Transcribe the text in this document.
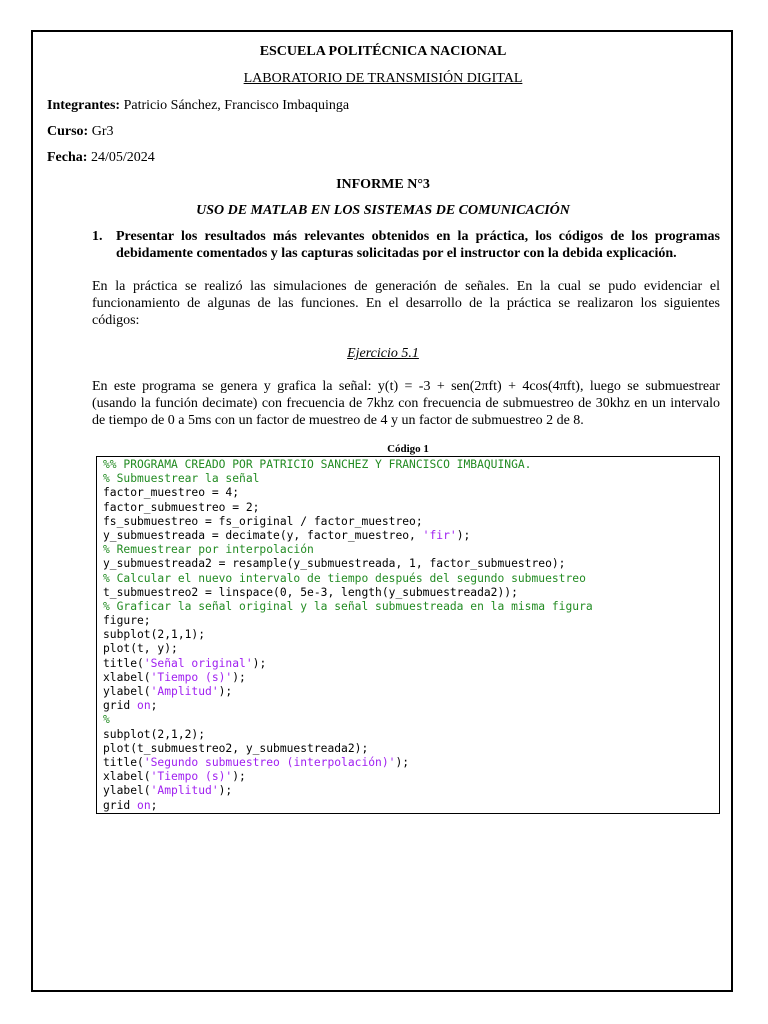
ESCUELA POLITÉCNICA NACIONAL
LABORATORIO DE TRANSMISIÓN DIGITAL
Integrantes: Patricio Sánchez, Francisco Imbaquinga
Curso: Gr3
Fecha: 24/05/2024
INFORME N°3
USO DE MATLAB EN LOS SISTEMAS DE COMUNICACIÓN
1. Presentar los resultados más relevantes obtenidos en la práctica, los códigos de los programas
debidamente comentados y las capturas solicitadas por el instructor con la debida explicación.
En la práctica se realizó las simulaciones de generación de señales. En la cual se pudo evidenciar el
funcionamiento de algunas de las funciones. En el desarrollo de la práctica se realizaron los siguientes
códigos:
Ejercicio 5.1
En este programa se genera y grafica la señal: y(t) = -3 + sen(2πft) + 4cos(4πft), luego se submuestrear
(usando la función decimate) con frecuencia de 7khz con frecuencia de submuestreo de 30khz en un intervalo
de tiempo de 0 a 5ms con un factor de muestreo de 4 y un factor de submuestreo 2 de 8.
Código 1
%% PROGRAMA CREADO POR PATRICIO SANCHEZ Y FRANCISCO IMBAQUINGA.
% Submuestrear la señal
factor_muestreo = 4;
factor_submuestreo = 2;
fs_submuestreo = fs_original / factor_muestreo;
y_submuestreada = decimate(y, factor_muestreo, 'fir');
% Remuestrear por interpolación
y_submuestreada2 = resample(y_submuestreada, 1, factor_submuestreo);
% Calcular el nuevo intervalo de tiempo después del segundo submuestreo
t_submuestreo2 = linspace(0, 5e-3, length(y_submuestreada2));
% Graficar la señal original y la señal submuestreada en la misma figura
figure;
subplot(2,1,1);
plot(t, y);
title('Señal original');
xlabel('Tiempo (s)');
ylabel('Amplitud');
grid on;
%
subplot(2,1,2);
plot(t_submuestreo2, y_submuestreada2);
title('Segundo submuestreo (interpolación)');
xlabel('Tiempo (s)');
ylabel('Amplitud');
grid on;
